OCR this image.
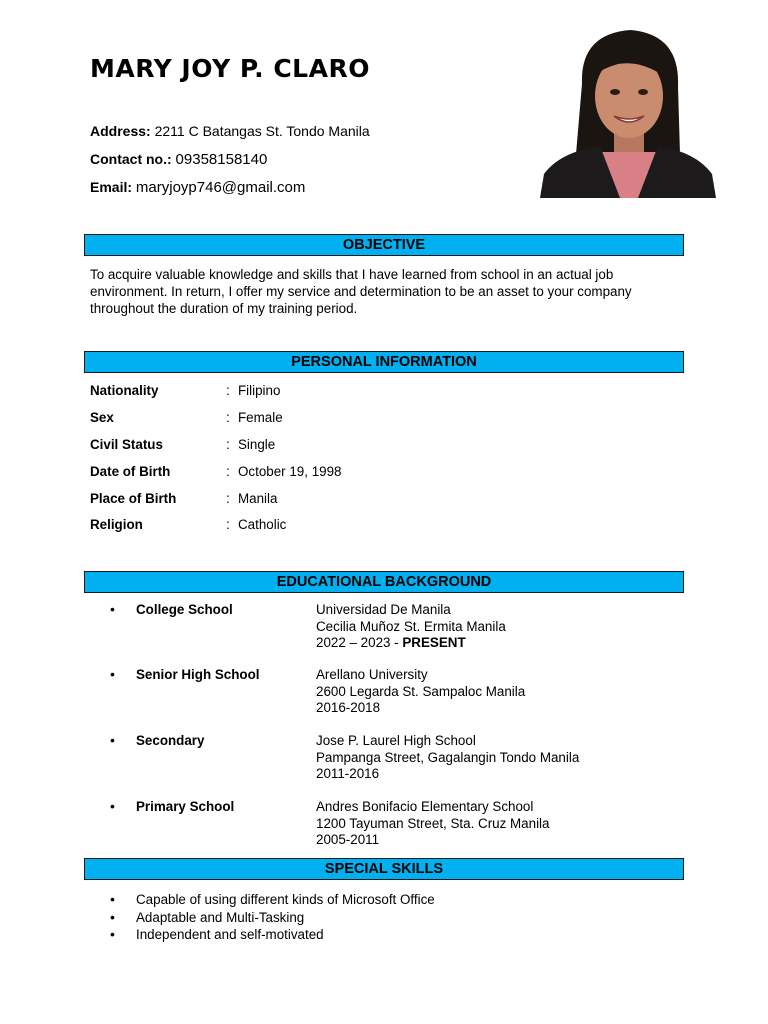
MARY JOY P. CLARO
Address: 2211 C Batangas St. Tondo Manila
Contact no.: 09358158140
Email: maryjoyp746@gmail.com
OBJECTIVE

To acquire valuable knowledge and skills that I have learned from school in an actual job environment. In return, I offer my service and determination to be an asset to your company throughout the duration of my training period.

PERSONAL INFORMATION
Nationality	: Filipino
Sex	: Female
Civil Status	: Single
Date of Birth	: October 19, 1998
Place of Birth	: Manila
Religion	: Catholic
EDUCATIONAL BACKGROUND
• College School	Universidad De Manila
Cecilia Muñoz St. Ermita Manila
2022 – 2023 - PRESENT
• Senior High School	Arellano University
2600 Legarda St. Sampaloc Manila
2016-2018
• Secondary	Jose P. Laurel High School
Pampanga Street, Gagalangin Tondo Manila
2011-2016
• Primary School	Andres Bonifacio Elementary School
1200 Tayuman Street, Sta. Cruz Manila
2005-2011
SPECIAL SKILLS
• Capable of using different kinds of Microsoft Office
• Adaptable and Multi-Tasking
• Independent and self-motivated
